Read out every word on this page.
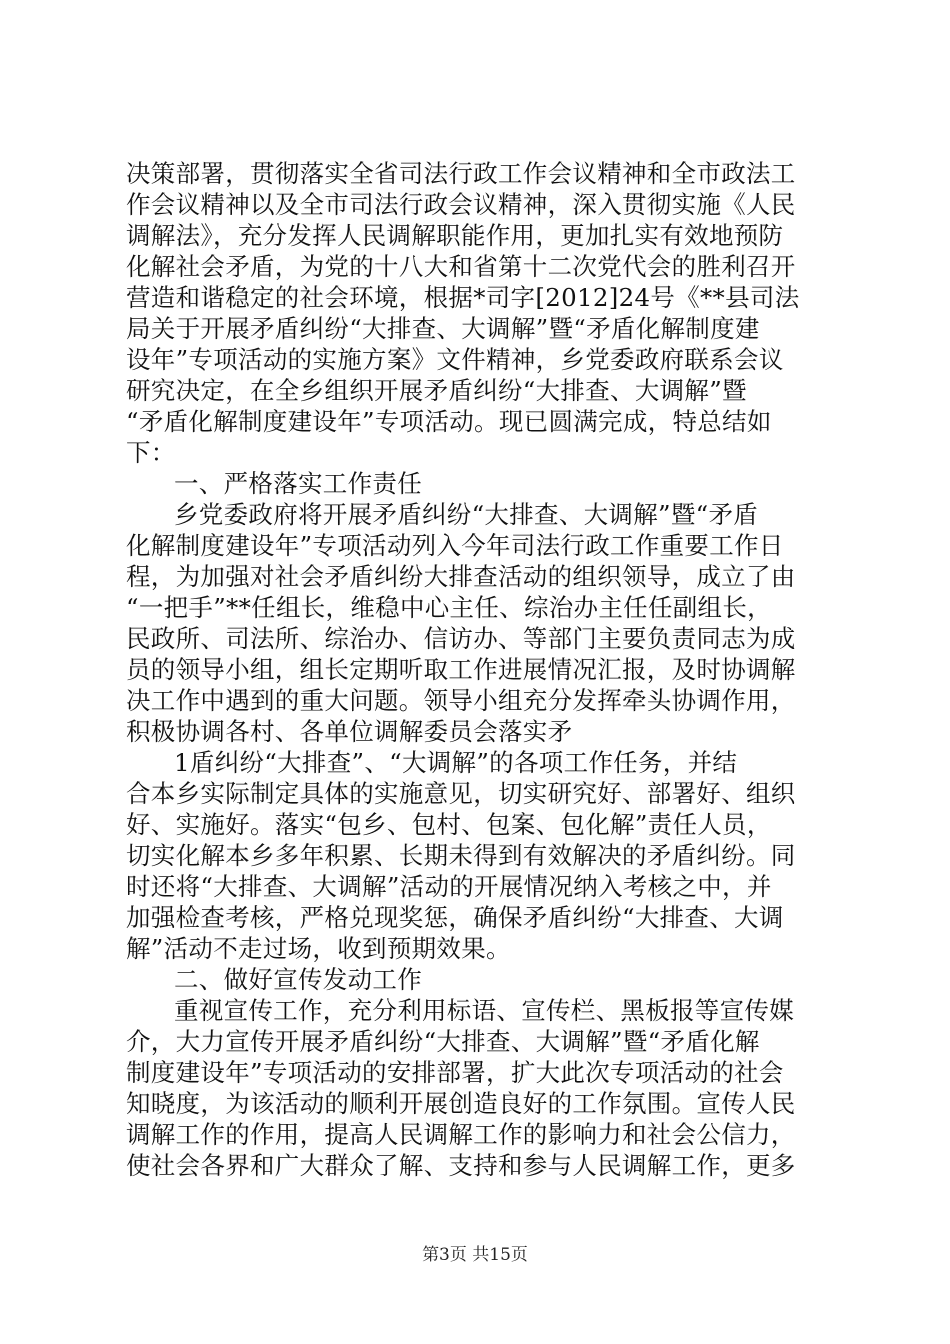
决策部署，贯彻落实全省司法行政工作会议精神和全市政法工
作会议精神以及全市司法行政会议精神，深入贯彻实施《人民
调解法》，充分发挥人民调解职能作用，更加扎实有效地预防
化解社会矛盾，为党的十八大和省第十二次党代会的胜利召开
营造和谐稳定的社会环境，根据*司字[2012]24号《**县司法
局关于开展矛盾纠纷“大排查、大调解”暨“矛盾化解制度建
设年”专项活动的实施方案》文件精神，乡党委政府联系会议
研究决定，在全乡组织开展矛盾纠纷“大排查、大调解”暨
“矛盾化解制度建设年”专项活动。现已圆满完成，特总结如
下：
一、严格落实工作责任
乡党委政府将开展矛盾纠纷“大排查、大调解”暨“矛盾
化解制度建设年”专项活动列入今年司法行政工作重要工作日
程，为加强对社会矛盾纠纷大排查活动的组织领导，成立了由
“一把手”**任组长，维稳中心主任、综治办主任任副组长，
民政所、司法所、综治办、信访办、等部门主要负责同志为成
员的领导小组，组长定期听取工作进展情况汇报，及时协调解
决工作中遇到的重大问题。领导小组充分发挥牵头协调作用，
积极协调各村、各单位调解委员会落实矛
1盾纠纷“大排查”、“大调解”的各项工作任务，并结
合本乡实际制定具体的实施意见，切实研究好、部署好、组织
好、实施好。落实“包乡、包村、包案、包化解”责任人员，
切实化解本乡多年积累、长期未得到有效解决的矛盾纠纷。同
时还将“大排查、大调解”活动的开展情况纳入考核之中，并
加强检查考核，严格兑现奖惩，确保矛盾纠纷“大排查、大调
解”活动不走过场，收到预期效果。
二、做好宣传发动工作
重视宣传工作，充分利用标语、宣传栏、黑板报等宣传媒
介，大力宣传开展矛盾纠纷“大排查、大调解”暨“矛盾化解
制度建设年”专项活动的安排部署，扩大此次专项活动的社会
知晓度，为该活动的顺利开展创造良好的工作氛围。宣传人民
调解工作的作用，提高人民调解工作的影响力和社会公信力，
使社会各界和广大群众了解、支持和参与人民调解工作，更多
第3页 共15页
